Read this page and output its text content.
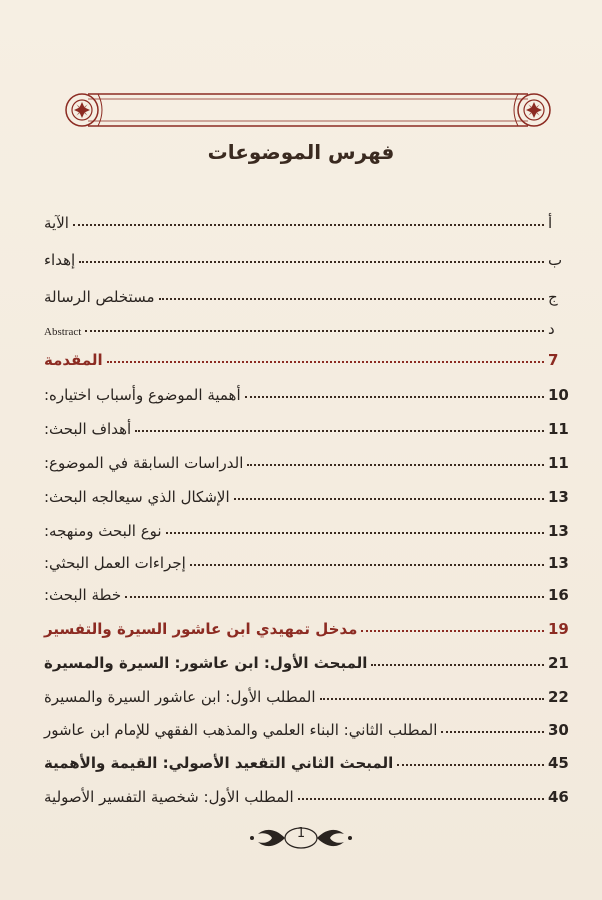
فهرس الموضوعات
الآية	أ
إهداء	ب
مستخلص الرسالة	ج
Abstract	د
المقدمة	7
أهمية الموضوع وأسباب اختياره:	10
أهداف البحث:	11
الدراسات السابقة في الموضوع:	11
الإشكال الذي سيعالجه البحث:	13
نوع البحث ومنهجه:	13
إجراءات العمل البحثي:	13
خطة البحث:	16
مدخل تمهيدي ابن عاشور السيرة والتفسير	19
المبحث الأول: ابن عاشور: السيرة والمسيرة	21
المطلب الأول: ابن عاشور السيرة والمسيرة	22
المطلب الثاني: البناء العلمي والمذهب الفقهي للإمام ابن عاشور	30
المبحث الثاني التقعيد الأصولي: القيمة والأهمية	45
المطلب الأول: شخصية التفسير الأصولية	46
1
